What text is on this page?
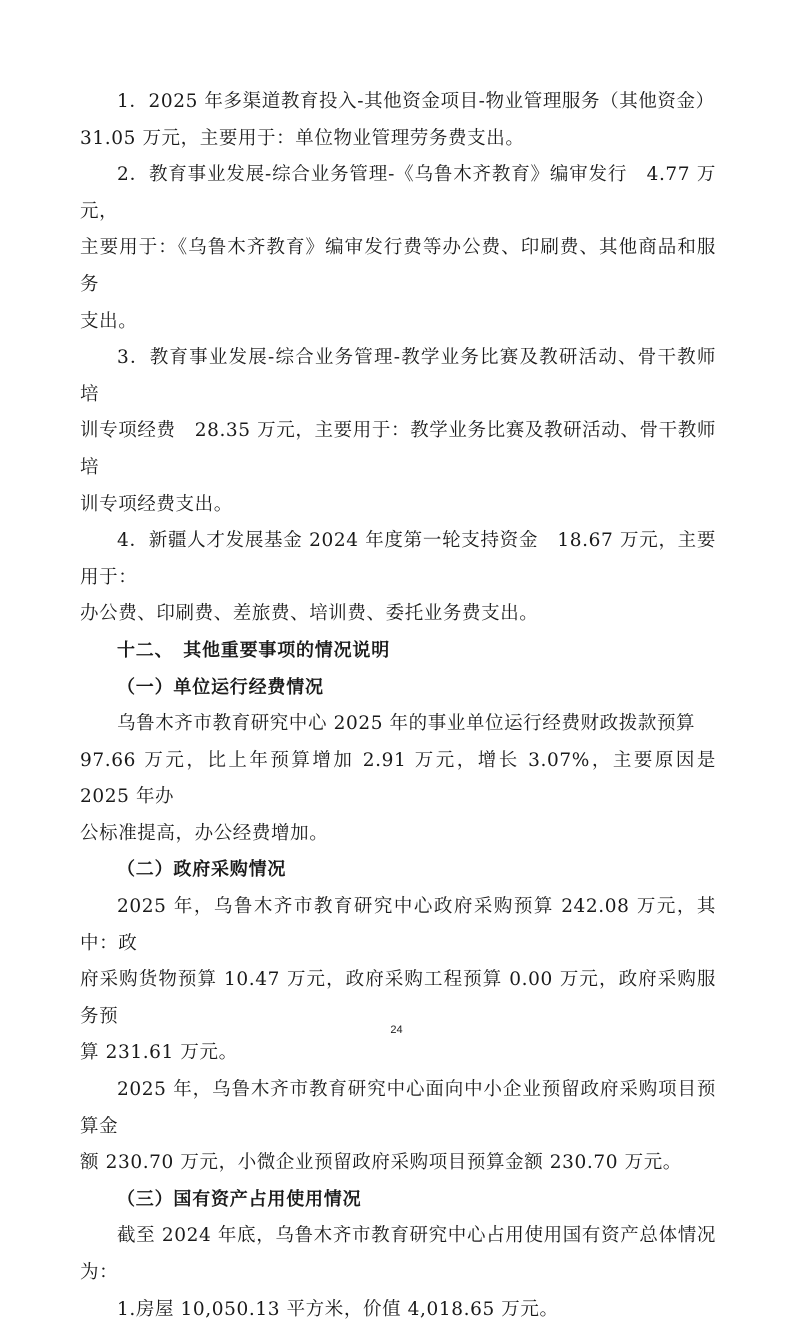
1．2025 年多渠道教育投入-其他资金项目-物业管理服务（其他资金）
31.05 万元，主要用于：单位物业管理劳务费支出。

2．教育事业发展-综合业务管理-《乌鲁木齐教育》编审发行　4.77 万元，
主要用于：《乌鲁木齐教育》编审发行费等办公费、印刷费、其他商品和服务
支出。

3．教育事业发展-综合业务管理-教学业务比赛及教研活动、骨干教师培
训专项经费　28.35 万元，主要用于：教学业务比赛及教研活动、骨干教师培
训专项经费支出。

4．新疆人才发展基金 2024 年度第一轮支持资金　18.67 万元，主要用于：
办公费、印刷费、差旅费、培训费、委托业务费支出。

十二、　其他重要事项的情况说明

（一）单位运行经费情况

乌鲁木齐市教育研究中心 2025 年的事业单位运行经费财政拨款预算
97.66 万元，比上年预算增加 2.91 万元，增长 3.07%，主要原因是 2025 年办
公标准提高，办公经费增加。

（二）政府采购情况

2025 年，乌鲁木齐市教育研究中心政府采购预算 242.08 万元，其中：政
府采购货物预算 10.47 万元，政府采购工程预算 0.00 万元，政府采购服务预
算 231.61 万元。

2025 年，乌鲁木齐市教育研究中心面向中小企业预留政府采购项目预算金
额 230.70 万元，小微企业预留政府采购项目预算金额 230.70 万元。

（三）国有资产占用使用情况

截至 2024 年底，乌鲁木齐市教育研究中心占用使用国有资产总体情况为：
1.房屋 10,050.13 平方米，价值 4,018.65 万元。

24
